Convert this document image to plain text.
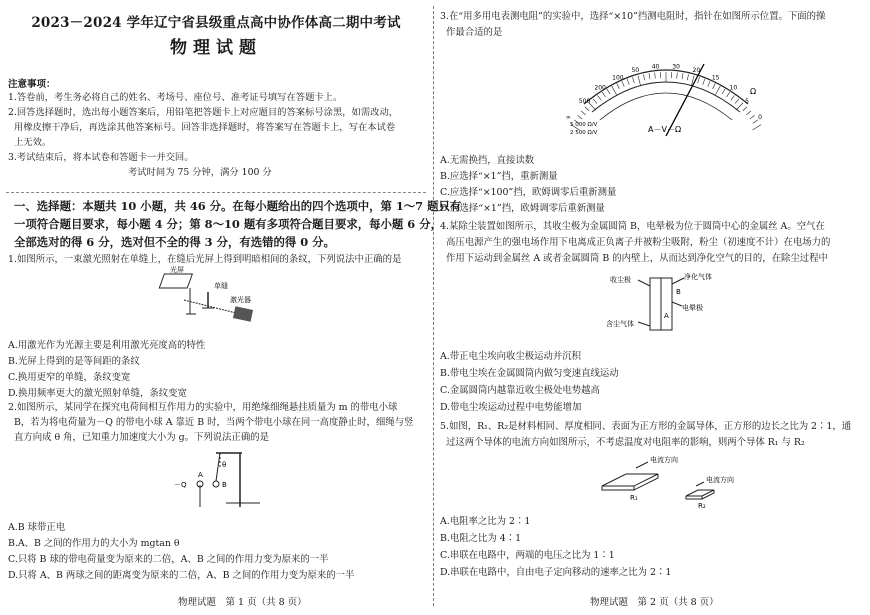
2023－2024 学年辽宁省县级重点高中协作体高二期中考试
物理试题
注意事项：
1.答卷前，考生务必将自己的姓名、考场号、座位号、准考证号填写在答题卡上。
2.回答选择题时，选出每小题答案后，用铅笔把答题卡上对应题目的答案标号涂黑，如需改动，
用橡皮擦干净后，再选涂其他答案标号。回答非选择题时，将答案写在答题卡上，写在本试卷
上无效。
3.考试结束后，将本试卷和答题卡一并交回。
考试时间为 75 分钟，满分 100 分
一、选择题：本题共 10 小题，共 46 分。在每小题给出的四个选项中，第 1～7 题只有
一项符合题目要求，每小题 4 分；第 8～10 题有多项符合题目要求，每小题 6 分，
全部选对的得 6 分，选对但不全的得 3 分，有选错的得 0 分。
1.如图所示，一束激光照射在单缝上，在缝后光屏上得到明暗相间的条纹，下列说法中正确的是
光屏
单缝
激光器
A.用激光作为光源主要是利用激光亮度高的特性
B.光屏上得到的是等间距的条纹
C.换用更窄的单缝，条纹变宽
D.换用频率更大的激光照射单缝，条纹变宽
2.如图所示，某同学在探究电荷间相互作用力的实验中，用绝缘细绳悬挂质量为 m 的带电小球
B，若为将电荷量为－Q 的带电小球 A 靠近 B 时，当两个带电小球在同一高度静止时，细绳与竖
直方向成 θ 角，已知重力加速度大小为 g。下列说法正确的是
－Q
A
B
θ
A.B 球带正电
B.A、B 之间的作用力的大小为 mgtan θ
C.只将 B 球的带电荷量变为原来的二倍，A、B 之间的作用力变为原来的一半
D.只将 A、B 两球之间的距离变为原来的二倍，A、B 之间的作用力变为原来的一半
物理试题　第 1 页（共 8 页）
3.在“用多用电表测电阻”的实验中，选择“×10”挡测电阻时，指针在如图所示位置。下面的操
作最合适的是
∞
500
200
100
50
40 30
20
15
10
5
0
A－V－Ω
Ω
5 000 Ω/V
2 500 Ω/V
A.无需换挡，直接读数
B.应选择“×1”挡，重新测量
C.应选择“×100”挡，欧姆调零后重新测量
D.应选择“×1”挡，欧姆调零后重新测量
4.某除尘装置如图所示，其收尘极为金属圆筒 B，电晕极为位于圆筒中心的金属丝 A。空气在
高压电源产生的强电场作用下电离成正负离子并被粉尘吸附，粉尘（初速度不计）在电场力的
作用下运动到金属丝 A 或者金属圆筒 B 的内壁上，从而达到净化空气的目的，在除尘过程中
收尘极	净化气体
B
电晕极
A
含尘气体
A.带正电尘埃向收尘极运动并沉积
B.带电尘埃在金属圆筒内做匀变速直线运动
C.金属圆筒内越靠近收尘极处电势越高
D.带电尘埃运动过程中电势能增加
5.如图，R₁、R₂是材料相同、厚度相同、表面为正方形的金属导体，正方形的边长之比为 2∶1，通
过这两个导体的电流方向如图所示，不考虑温度对电阻率的影响，则两个导体 R₁ 与 R₂
电流方向
电流方向
R₁
R₂
A.电阻率之比为 2∶1
B.电阻之比为 4∶1
C.串联在电路中，两端的电压之比为 1∶1
D.串联在电路中，自由电子定向移动的速率之比为 2∶1
物理试题　第 2 页（共 8 页）
